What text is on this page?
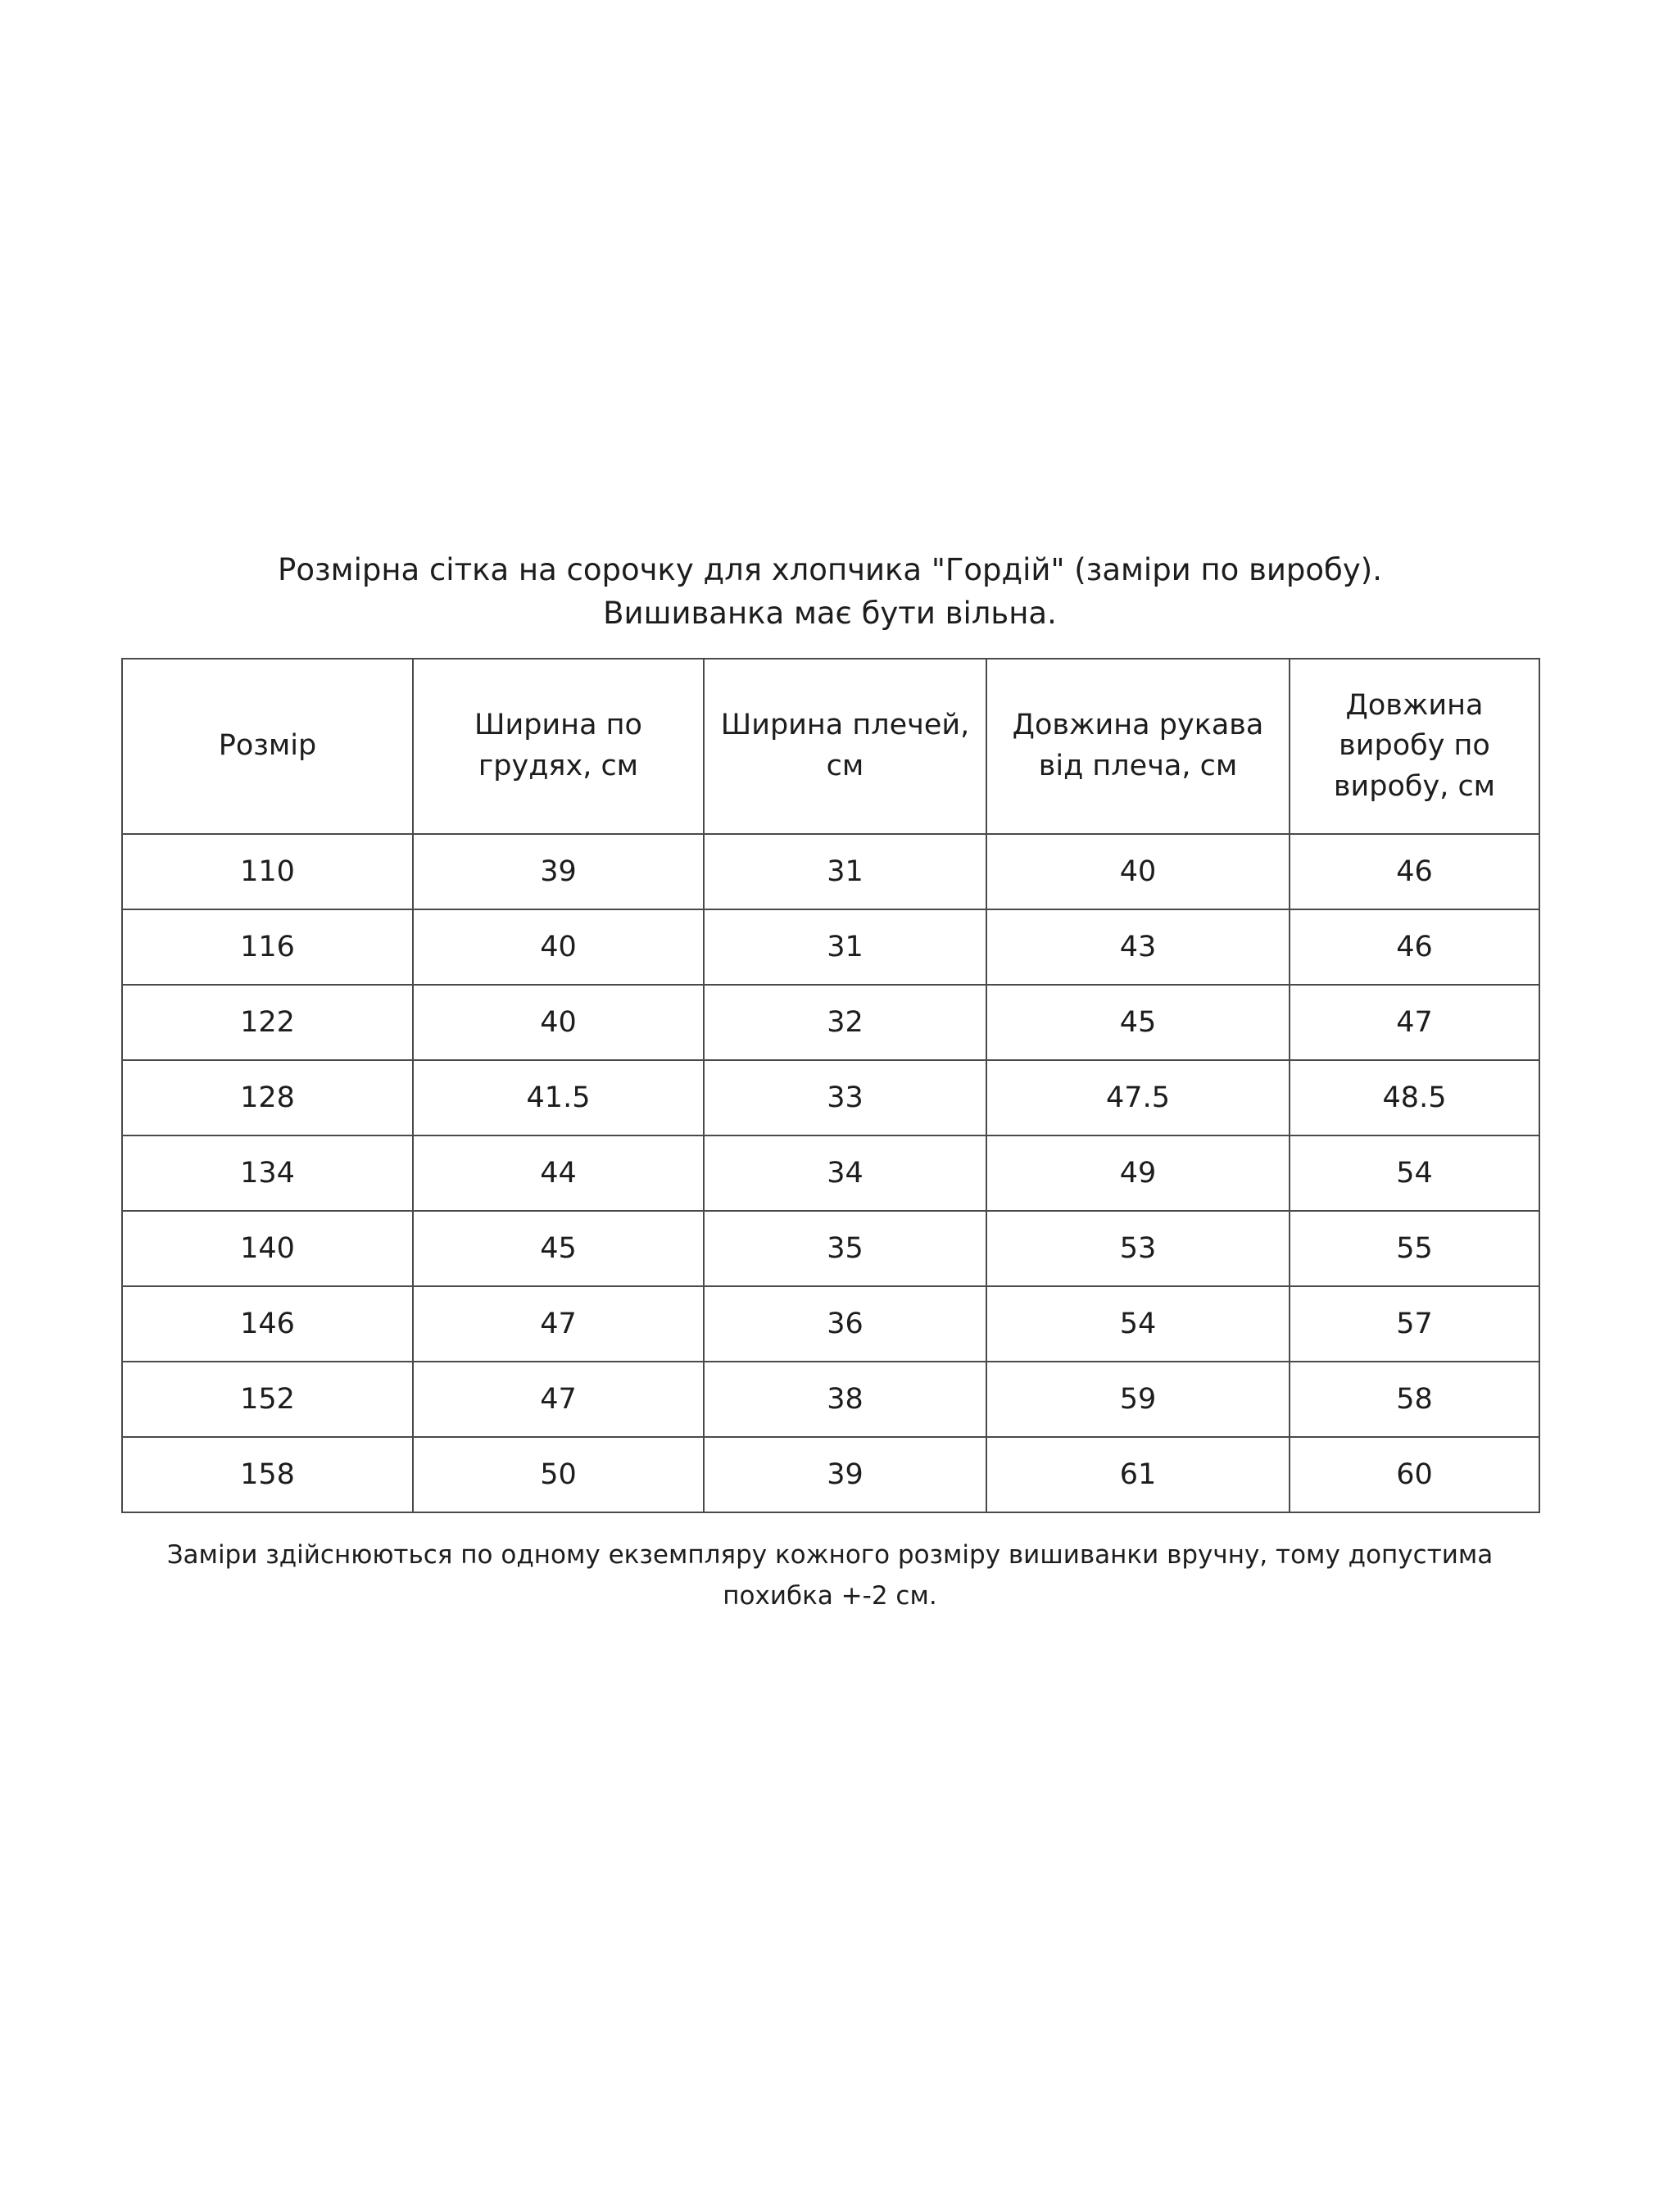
Розмірна сітка на сорочку для хлопчика "Гордій" (заміри по виробу).
Вишиванка має бути вільна.
Розмір	Ширина по грудях, см	Ширина плечей, см	Довжина рукава від плеча, см	Довжина виробу по виробу, см
110	39	31	40	46
116	40	31	43	46
122	40	32	45	47
128	41.5	33	47.5	48.5
134	44	34	49	54
140	45	35	53	55
146	47	36	54	57
152	47	38	59	58
158	50	39	61	60

Заміри здійснюються по одному екземпляру кожного розміру вишиванки вручну, тому допустима похибка +-2 см.
